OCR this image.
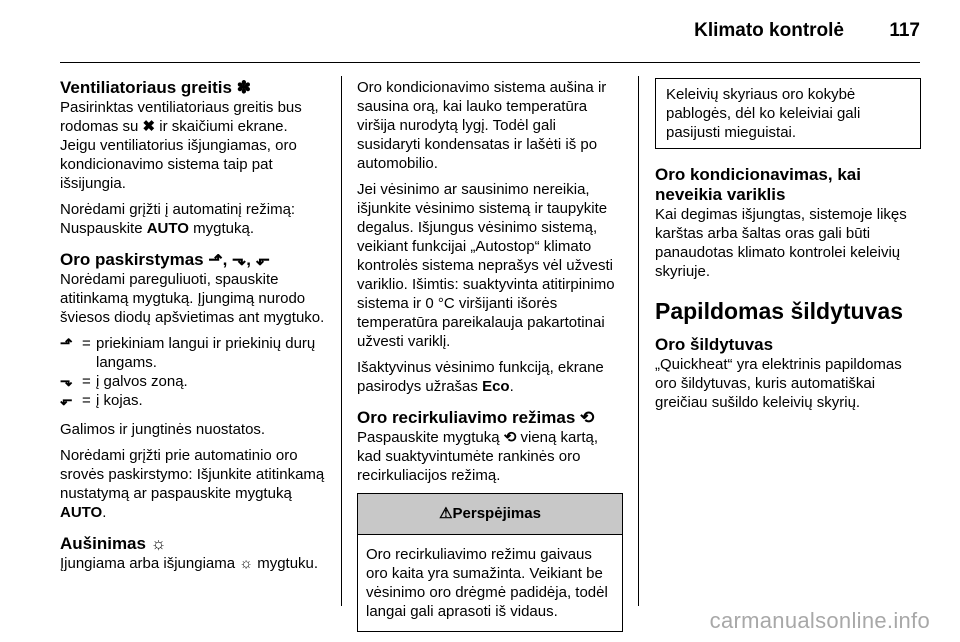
Klimato kontrolė 117
Ventiliatoriaus greitis ✽

Pasirinktas ventiliatoriaus greitis bus rodomas su ✖ ir skaičiumi ekrane. Jeigu ventiliatorius išjungiamas, oro kondicionavimo sistema taip pat išsijungia.

Norėdami grįžti į automatinį režimą: Nuspauskite AUTO mygtuką.

Oro paskirstymas ⬏, ⬎, ⬐

Norėdami pareguliuoti, spauskite atitinkamą mygtuką. Įjungimą nurodo šviesos diodų apšvietimas ant mygtuko.

⬏ = priekiniam langui ir priekinių durų langams.
⬎ = į galvos zoną.
⬐ = į kojas.

Galimos ir jungtinės nuostatos.

Norėdami grįžti prie automatinio oro srovės paskirstymo: Išjunkite atitinkamą nustatymą ar paspauskite mygtuką AUTO.

Aušinimas ☼

Įjungiama arba išjungiama ☼ mygtuku.

Oro kondicionavimo sistema aušina ir sausina orą, kai lauko temperatūra viršija nurodytą lygį. Todėl gali susidaryti kondensatas ir lašėti iš po automobilio.

Jei vėsinimo ar sausinimo nereikia, išjunkite vėsinimo sistemą ir taupykite degalus. Išjungus vėsinimo sistemą, veikiant funkcijai „Autostop“ klimato kontrolės sistema neprašys vėl užvesti variklio. Išimtis: suaktyvinta atitirpinimo sistema ir 0 °C viršijanti išorės temperatūra pareikalauja pakartotinai užvesti variklį.

Išaktyvinus vėsinimo funkciją, ekrane pasirodys užrašas Eco.

Oro recirkuliavimo režimas ⟲

Paspauskite mygtuką ⟲ vieną kartą, kad suaktyvintumėte rankinės oro recirkuliacijos režimą.

⚠Perspėjimas
Oro recirkuliavimo režimu gaivaus oro kaita yra sumažinta. Veikiant be vėsinimo oro drėgmė padidėja, todėl langai gali aprasoti iš vidaus.
Keleivių skyriaus oro kokybė pablogės, dėl ko keleiviai gali pasijusti mieguistai.
Oro kondicionavimas, kai neveikia variklis

Kai degimas išjungtas, sistemoje likęs karštas arba šaltas oras gali būti panaudotas klimato kontrolei keleivių skyriuje.

Papildomas šildytuvas
Oro šildytuvas

„Quickheat“ yra elektrinis papildomas oro šildytuvas, kuris automatiškai greičiau sušildo keleivių skyrių.

carmanualsonline.info
